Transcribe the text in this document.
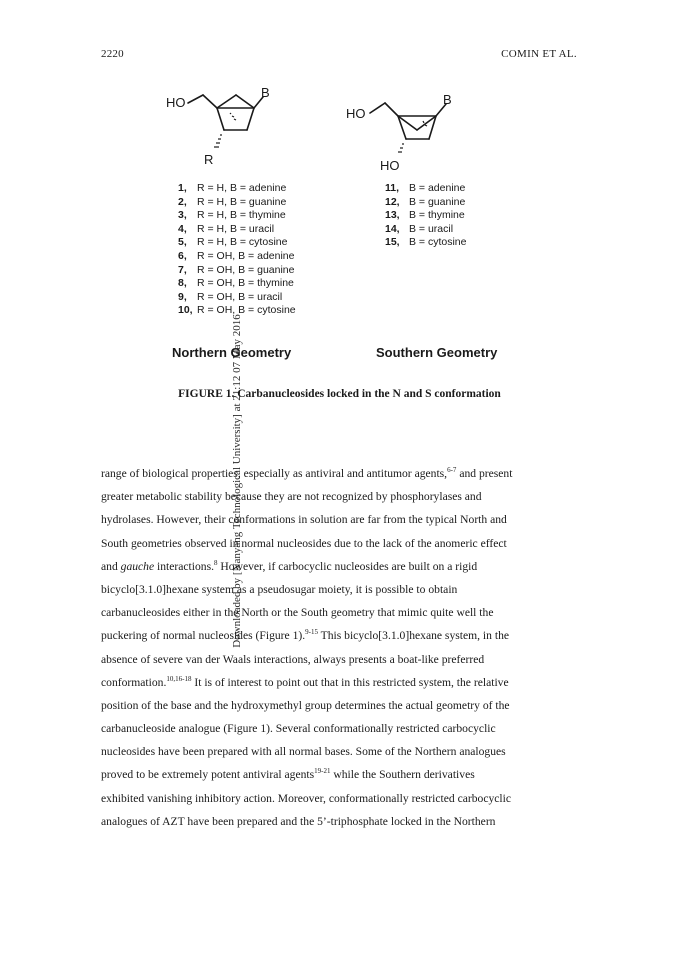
2220	COMIN ET AL.
Downloaded by [Nanyang Technological University] at 21:12 07 May 2016
HO
B
R
HO
B
HO
1, R = H, B = adenine
2, R = H, B = guanine
3, R = H, B = thymine
4, R = H, B = uracil
5, R = H, B = cytosine
6, R = OH, B = adenine
7, R = OH, B = guanine
8, R = OH, B = thymine
9, R = OH, B = uracil
10, R = OH, B = cytosine
11, B = adenine
12, B = guanine
13, B = thymine
14, B = uracil
15, B = cytosine
Northern Geometry	Southern Geometry
FIGURE 1. Carbanucleosides locked in the N and S conformation
range of biological properties, especially as antiviral and antitumor agents,$^{6-7}$ and present
greater metabolic stability because they are not recognized by phosphorylases and
hydrolases. However, their conformations in solution are far from the typical North and
South geometries observed in normal nucleosides due to the lack of the anomeric effect
and gauche interactions.$^8$ However, if carbocyclic nucleosides are built on a rigid
bicyclo[3.1.0]hexane system as a pseudosugar moiety, it is possible to obtain
carbanucleosides either in the North or the South geometry that mimic quite well the
puckering of normal nucleosides (Figure 1).$^{9-15}$ This bicyclo[3.1.0]hexane system, in the
absence of severe van der Waals interactions, always presents a boat-like preferred
conformation.$^{10,16-18}$ It is of interest to point out that in this restricted system, the relative
position of the base and the hydroxymethyl group determines the actual geometry of the
carbanucleoside analogue (Figure 1). Several conformationally restricted carbocyclic
nucleosides have been prepared with all normal bases. Some of the Northern analogues
proved to be extremely potent antiviral agents$^{19-21}$ while the Southern derivatives
exhibited vanishing inhibitory action. Moreover, conformationally restricted carbocyclic
analogues of AZT have been prepared and the 5’-triphosphate locked in the Northern
